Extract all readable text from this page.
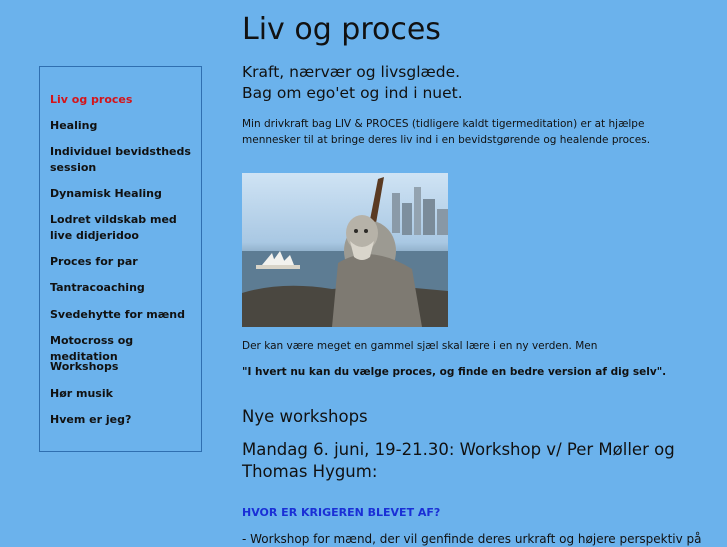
Liv og proces
Healing
Individuel bevidstheds session
Dynamisk Healing
Lodret vildskab med live didjeridoo
Proces for par
Tantracoaching
Svedehytte for mænd
Motocross og meditation
Workshops
Hør musik
Hvem er jeg?
Liv og proces

Kraft, nærvær og livsglæde.
Bag om ego'et og ind i nuet.

Min drivkraft bag LIV & PROCES (tidligere kaldt tigermeditation) er at hjælpe mennesker til at bringe deres liv ind i en bevidstgørende og healende proces.

Der kan være meget en gammel sjæl skal lære i en ny verden. Men

"I hvert nu kan du vælge proces, og finde en bedre version af dig selv".

Nye workshops
Mandag 6. juni, 19-21.30: Workshop v/ Per Møller og Thomas Hygum:
HVOR ER KRIGEREN BLEVET AF?

- Workshop for mænd, der vil genfinde deres urkraft og højere perspektiv på
